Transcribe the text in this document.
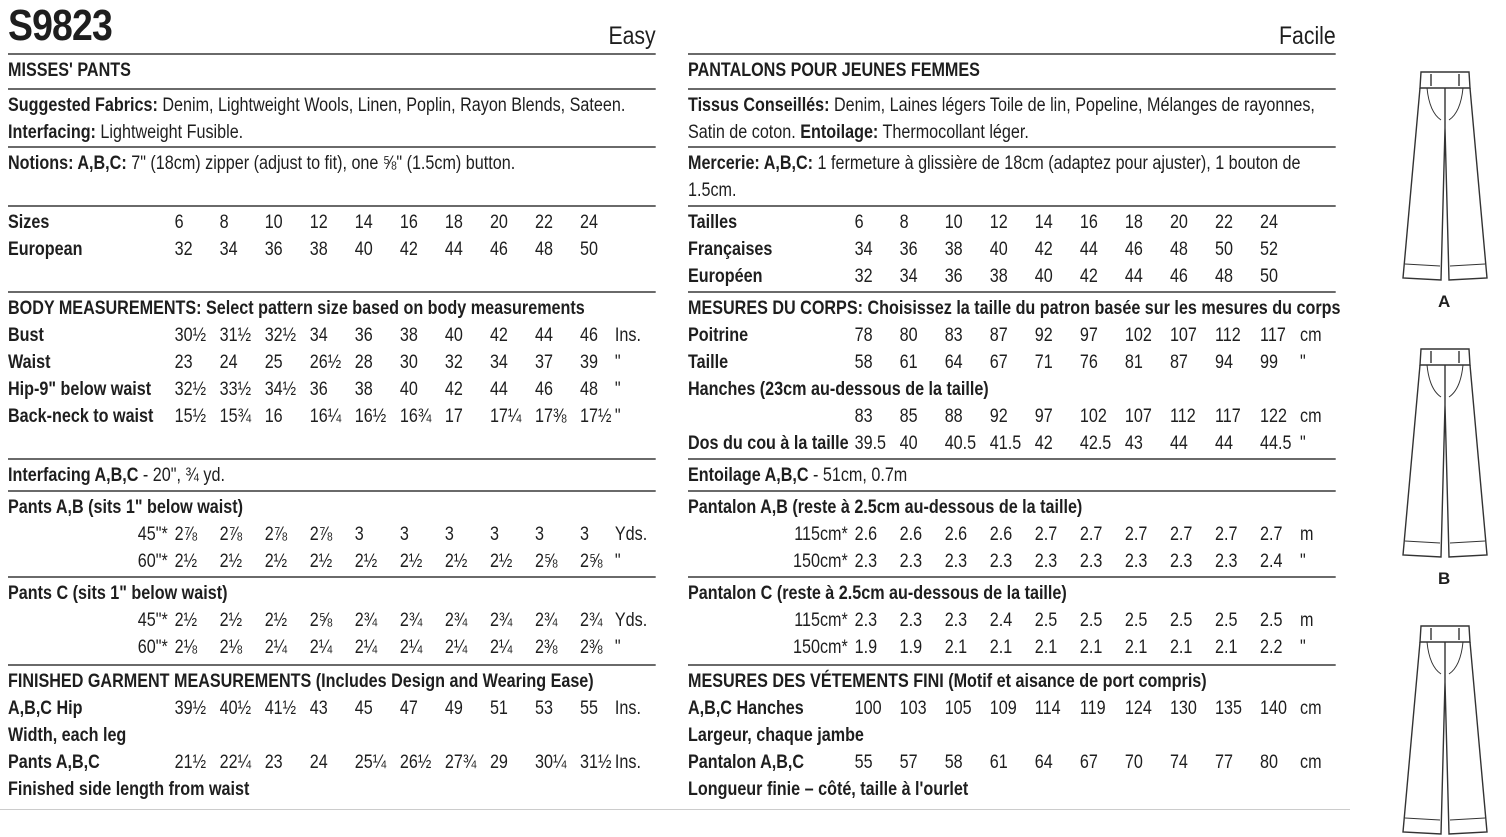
S9823	Easy
MISSES' PANTS
Suggested Fabrics: Denim, Lightweight Wools, Linen, Poplin, Rayon Blends, Sateen.
Interfacing: Lightweight Fusible.
Notions: A,B,C: 7" (18cm) zipper (adjust to fit), one ⅝" (1.5cm) button.
Sizes	6	8	10	12	14	16	18	20	22	24
European	32	34	36	38	40	42	44	46	48	50
BODY MEASUREMENTS: Select pattern size based on body measurements
Bust	30½ 31½ 32½ 34	36	38	40	42	44	46 Ins.
Waist	23	24	25	26½ 28	30	32	34	37	39 "
Hip-9" below waist 32½ 33½ 34½ 36	38	40	42	44	46	48 "
Back-neck to waist 15½ 15¾ 16	16¼ 16½ 16¾ 17	17¼ 17⅜ 17½ "
Interfacing A,B,C - 20", ¾ yd.
Pants A,B (sits 1" below waist)
45"* 2⅞	2⅞	2⅞	2⅞	3	3	3	3	3	3	Yds.
60"* 2½	2½	2½	2½	2½	2½	2½	2½	2⅝	2⅝ "
Pants C (sits 1" below waist)
45"* 2½	2½	2½	2⅝	2¾	2¾	2¾	2¾	2¾	2¾ Yds.
60"* 2⅛	2⅛	2¼	2¼	2¼	2¼	2¼	2¼	2⅜	2⅜ "
FINISHED GARMENT MEASUREMENTS (Includes Design and Wearing Ease)
A,B,C Hip	39½ 40½ 41½ 43	45	47	49	51	53	55 Ins.
Width, each leg
Pants A,B,C	21½ 22¼ 23	24	25¼ 26½ 27¾ 29	30¼ 31½ Ins.
Finished side length from waist
Facile
PANTALONS POUR JEUNES FEMMES
Tissus Conseillés: Denim, Laines légers Toile de lin, Popeline, Mélanges de rayonnes,
Satin de coton. Entoilage: Thermocollant léger.
Mercerie: A,B,C: 1 fermeture à glissière de 18cm (adaptez pour ajuster), 1 bouton de
1.5cm.
Tailles	6	8	10	12	14	16	18	20	22	24
Françaises	34	36	38	40	42	44	46	48	50	52
Européen	32	34	36	38	40	42	44	46	48	50
MESURES DU CORPS: Choisissez la taille du patron basée sur les mesures du corps
Poitrine	78	80	83	87	92	97	102 107 112	117 cm
Taille	58	61	64	67	71	76	81	87	94	99	"
Hanches (23cm au-dessous de la taille)
83	85	88	92	97	102 107 112	117	122 cm
Dos du cou à la taille 39.5 40	40.5 41.5 42	42.5 43	44	44	44.5 "
Entoilage A,B,C - 51cm, 0.7m
Pantalon A,B (reste à 2.5cm au-dessous de la taille)
115cm* 2.6	2.6	2.6	2.6	2.7	2.7	2.7	2.7	2.7	2.7 m
150cm* 2.3	2.3	2.3	2.3	2.3	2.3	2.3	2.3	2.3	2.4 "
Pantalon C (reste à 2.5cm au-dessous de la taille)
115cm* 2.3	2.3	2.3	2.4	2.5	2.5	2.5	2.5	2.5	2.5 m
150cm* 1.9	1.9	2.1	2.1	2.1	2.1	2.1	2.1	2.1	2.2 "
MESURES DES VÉTEMENTS FINI (Motif et aisance de port compris)
A,B,C Hanches	100 103 105 109 114	119	124 130 135 140 cm
Largeur, chaque jambe
Pantalon A,B,C	55	57	58	61	64	67	70	74	77	80	cm
Longueur finie – côté, taille à l'ourlet
A
B
